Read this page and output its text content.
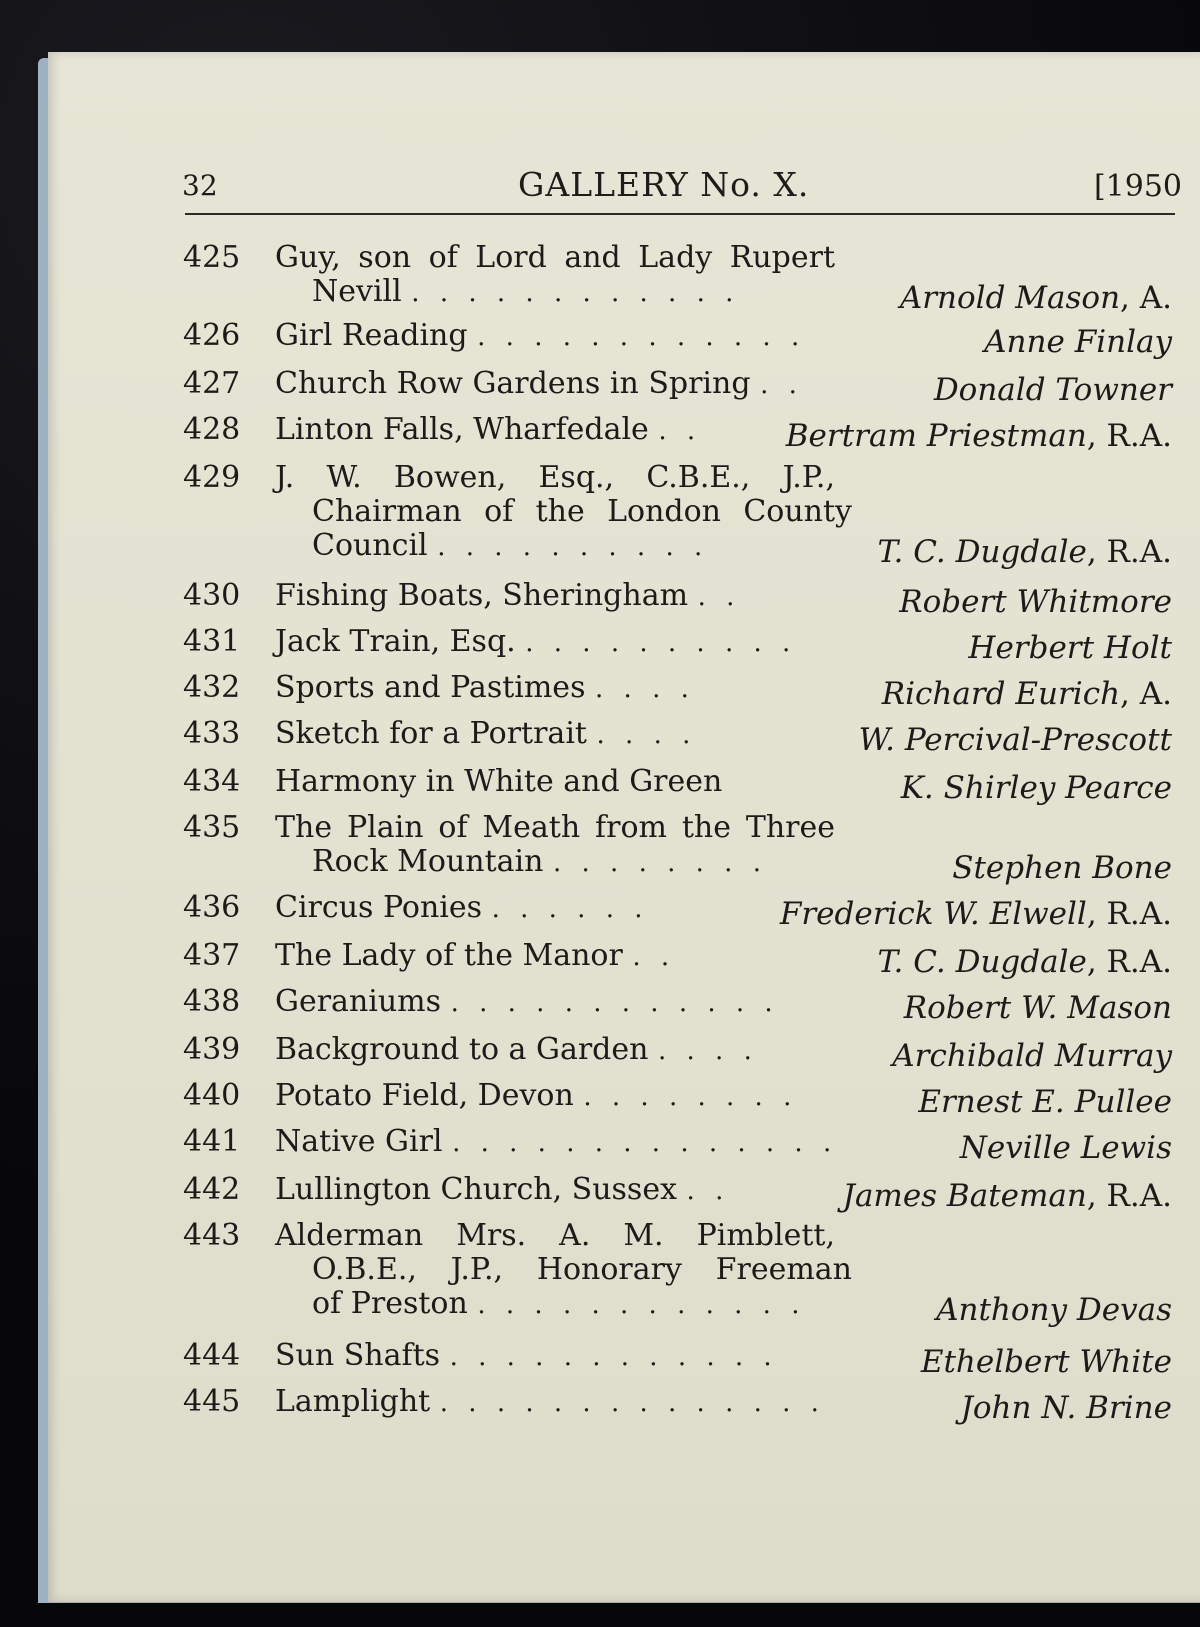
32	GALLERY No. X.	[1950
425 Guy, son of Lord and Lady Rupert
Nevill . . . . . . . . . . . .	Arnold Mason, A.
426 Girl Reading . . . . . . . . . . . .	Anne Finlay
427 Church Row Gardens in Spring . .	Donald Towner
428 Linton Falls, Wharfedale . .	Bertram Priestman, R.A.
429 J. W. Bowen, Esq., C.B.E., J.P.,
Chairman of the London County
Council . . . . . . . . . .	T. C. Dugdale, R.A.
430 Fishing Boats, Sheringham . .	Robert Whitmore
431 Jack Train, Esq. . . . . . . . . . .	Herbert Holt
432 Sports and Pastimes . . . .	Richard Eurich, A.
433 Sketch for a Portrait . . . .	W. Percival-Prescott
434 Harmony in White and Green	K. Shirley Pearce
435 The Plain of Meath from the Three
Rock Mountain . . . . . . . .	Stephen Bone
436 Circus Ponies . . . . . .	Frederick W. Elwell, R.A.
437 The Lady of the Manor . .	T. C. Dugdale, R.A.
438 Geraniums . . . . . . . . . . . .	Robert W. Mason
439 Background to a Garden . . . .	Archibald Murray
440 Potato Field, Devon . . . . . . . .	Ernest E. Pullee
441 Native Girl . . . . . . . . . . . . . .	Neville Lewis
442 Lullington Church, Sussex . .	James Bateman, R.A.
443 Alderman Mrs. A. M. Pimblett,
O.B.E., J.P., Honorary Freeman
of Preston . . . . . . . . . . . .	Anthony Devas
444 Sun Shafts . . . . . . . . . . . .	Ethelbert White
445 Lamplight . . . . . . . . . . . . . .	John N. Brine
